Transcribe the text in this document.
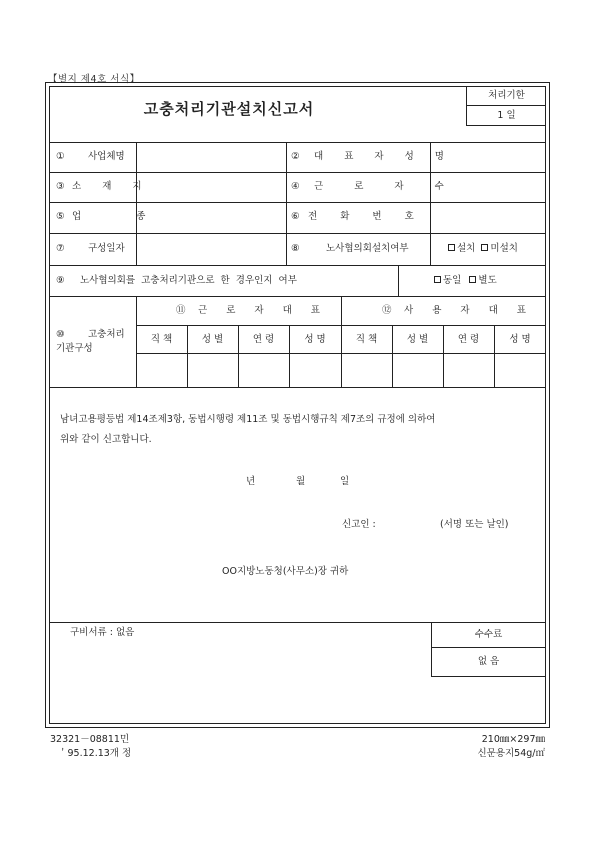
【별지 제4호 서식】
고충처리기관설치신고서
처리기한
1 일
① 사업체명	② 대 표 자 성 명
③ 소 재 지	④ 근 로 자 수
⑤ 업 종	⑥ 전 화 번 호
⑦ 구성일자	⑧	노사협의회설치여부	설치 미설치
⑨ 노사협의회를  고충처리기관으로  한  경우인지  여부	동일 별도
⑩ 고충처리
기관구성
⑪ 근 로 자 대 표	⑫ 사 용 자 대 표
직 책	성 별	연 령	성 명	직 책	성 별	연 령	성 명
남녀고용평등법 제14조제3항, 동법시행령 제11조 및 동법시행규칙 제7조의 규정에 의하여
위와 같이 신고합니다.
년	월	일
신고인 :	(서명 또는 날인)
OO지방노동청(사무소)장 귀하
구비서류 : 없음	수수료
없 음
32321－08811민
＇95.12.13개 정
210㎜×297㎜
신문용지54g/㎡
